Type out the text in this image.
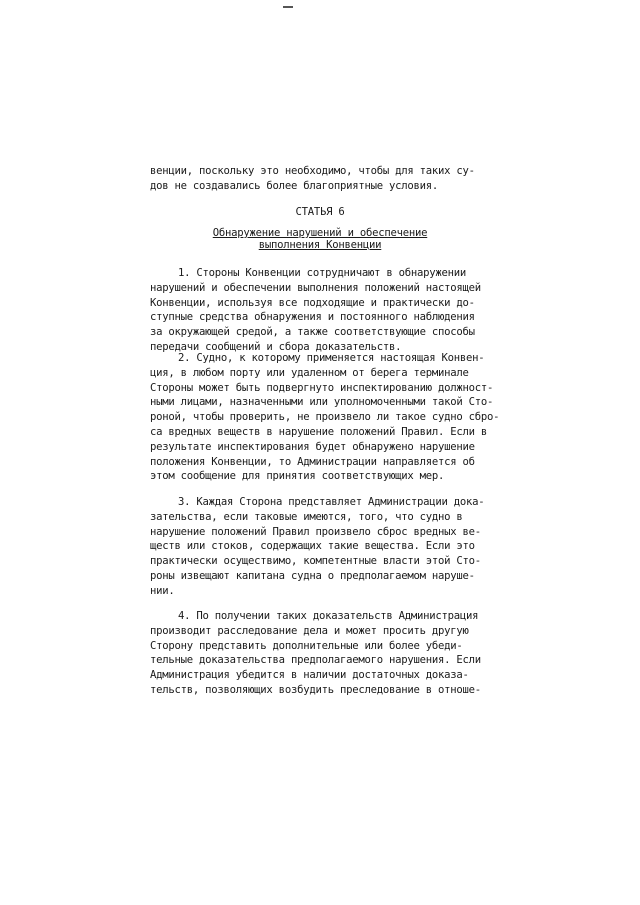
венции, поскольку это необходимо, чтобы для таких су-
дов не создавались более благоприятные условия.
СТАТЬЯ 6
Обнаружение нарушений и обеспечение
выполнения Конвенции
1. Стороны Конвенции сотрудничают в обнаружении
нарушений и обеспечении выполнения положений настоящей
Конвенции, используя все подходящие и практически до-
ступные средства обнаружения и постоянного наблюдения
за окружающей средой, а также соответствующие способы
передачи сообщений и сбора доказательств.
2. Судно, к которому применяется настоящая Конвен-
ция, в любом порту или удаленном от берега терминале
Стороны может быть подвергнуто инспектированию должност-
ными лицами, назначенными или уполномоченными такой Сто-
роной, чтобы проверить, не произвело ли такое судно сбро-
са вредных веществ в нарушение положений Правил. Если в
результате инспектирования будет обнаружено нарушение
положения Конвенции, то Администрации направляется об
этом сообщение для принятия соответствующих мер.
3. Каждая Сторона представляет Администрации дока-
зательства, если таковые имеются, того, что судно в
нарушение положений Правил произвело сброс вредных ве-
ществ или стоков, содержащих такие вещества. Если это
практически осуществимо, компетентные власти этой Сто-
роны извещают капитана судна о предполагаемом наруше-
нии.
4. По получении таких доказательств Администрация
производит расследование дела и может просить другую
Сторону представить дополнительные или более убеди-
тельные доказательства предполагаемого нарушения. Если
Администрация убедится в наличии достаточных доказа-
тельств, позволяющих возбудить преследование в отноше-
